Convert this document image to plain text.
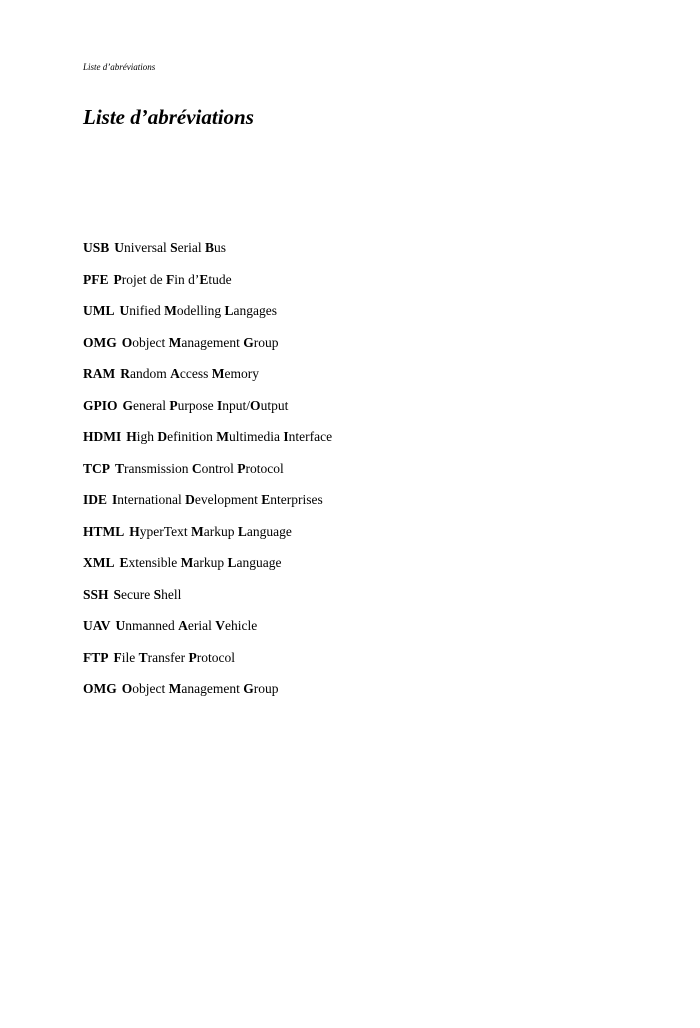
Liste d’abréviations
Liste d’abréviations
USB Universal Serial Bus
PFE Projet de Fin d’Etude
UML Unified Modelling Langages
OMG Oobject Management Group
RAM Random Access Memory
GPIO General Purpose Input/Output
HDMI High Definition Multimedia Interface
TCP Transmission Control Protocol
IDE International Development Enterprises
HTML HyperText Markup Language
XML Extensible Markup Language
SSH Secure Shell
UAV Unmanned Aerial Vehicle
FTP File Transfer Protocol
OMG Oobject Management Group
